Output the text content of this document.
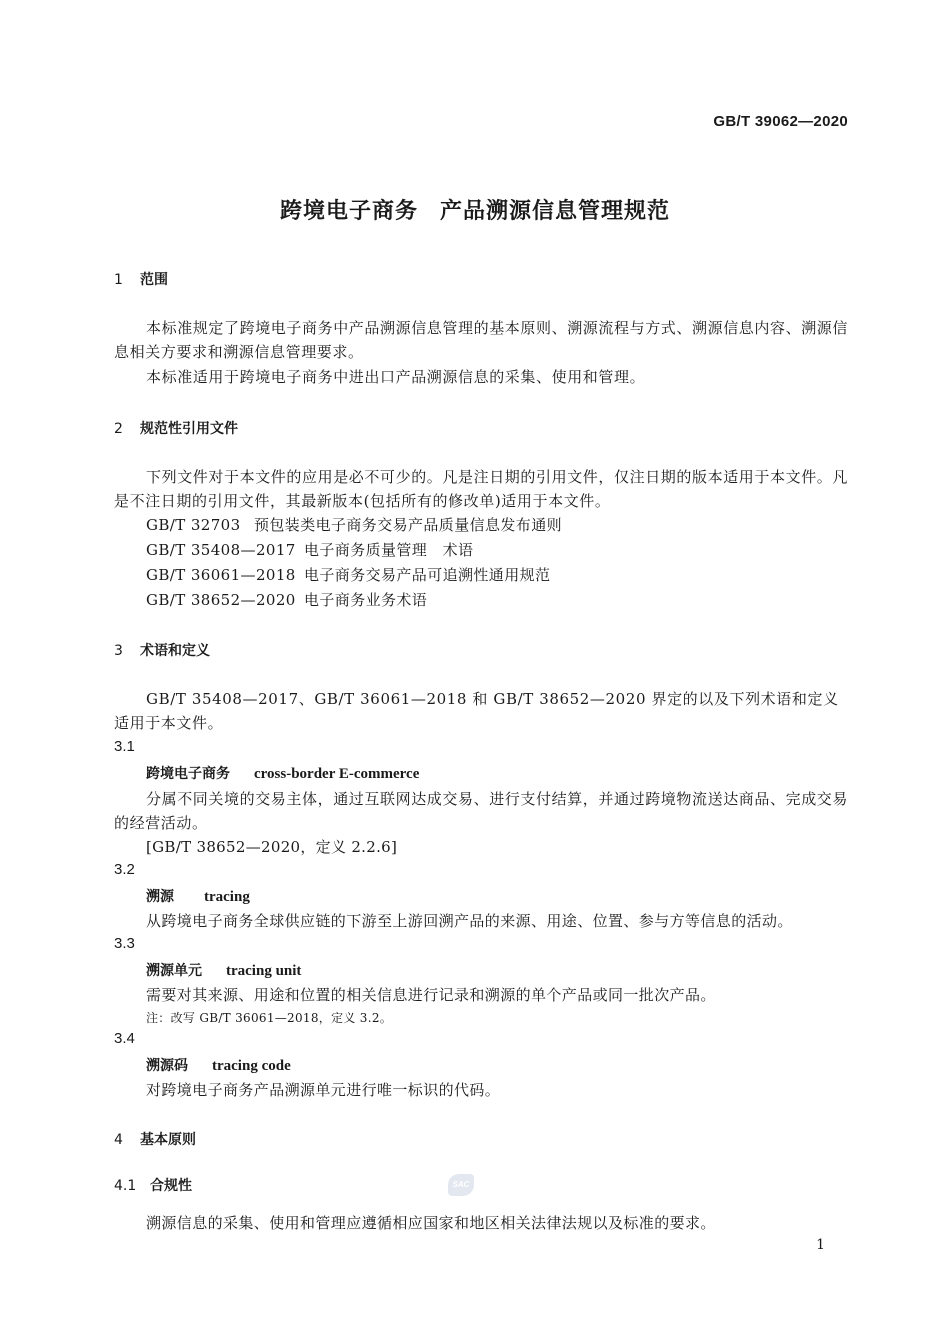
GB/T 39062—2020
跨境电子商务 产品溯源信息管理规范
1 范围
本标准规定了跨境电子商务中产品溯源信息管理的基本原则、溯源流程与方式、溯源信息内容、溯源信息相关方要求和溯源信息管理要求。
本标准适用于跨境电子商务中进出口产品溯源信息的采集、使用和管理。
2 规范性引用文件
下列文件对于本文件的应用是必不可少的。凡是注日期的引用文件，仅注日期的版本适用于本文件。凡是不注日期的引用文件，其最新版本(包括所有的修改单)适用于本文件。
GB/T 32703 预包装类电子商务交易产品质量信息发布通则
GB/T 35408—2017 电子商务质量管理　术语
GB/T 36061—2018 电子商务交易产品可追溯性通用规范
GB/T 38652—2020 电子商务业务术语
3 术语和定义
GB/T 35408—2017、GB/T 36061—2018 和 GB/T 38652—2020 界定的以及下列术语和定义适用于本文件。
3.1
跨境电子商务 cross-border E-commerce
分属不同关境的交易主体，通过互联网达成交易、进行支付结算，并通过跨境物流送达商品、完成交易的经营活动。
[GB/T 38652—2020，定义 2.2.6]
3.2
溯源 tracing
从跨境电子商务全球供应链的下游至上游回溯产品的来源、用途、位置、参与方等信息的活动。
3.3
溯源单元 tracing unit
需要对其来源、用途和位置的相关信息进行记录和溯源的单个产品或同一批次产品。
注：改写 GB/T 36061—2018，定义 3.2。
3.4
溯源码 tracing code
对跨境电子商务产品溯源单元进行唯一标识的代码。
4 基本原则
4.1 合规性	SAC
溯源信息的采集、使用和管理应遵循相应国家和地区相关法律法规以及标准的要求。
1
